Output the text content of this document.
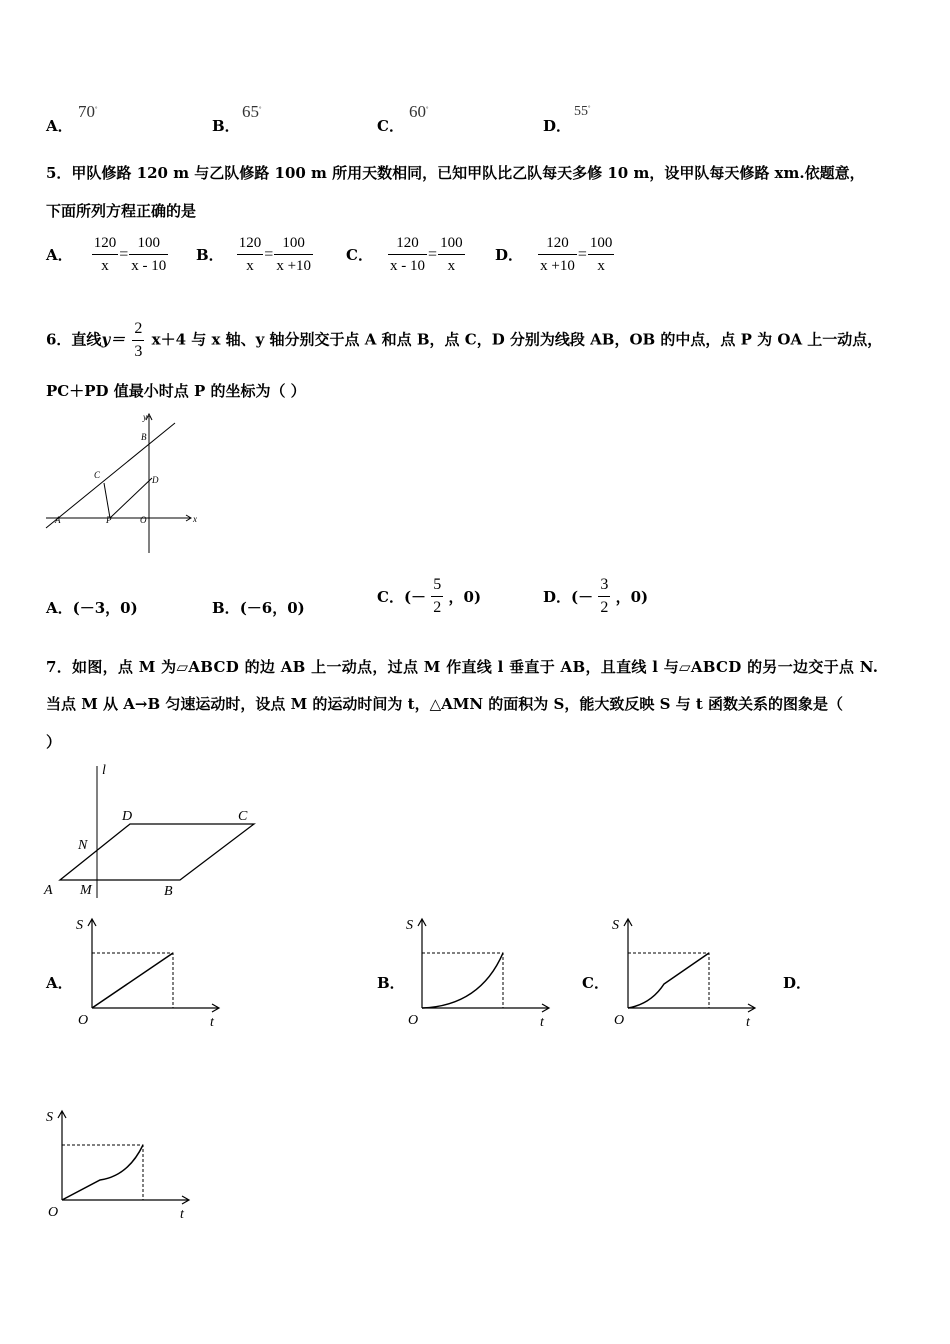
A．
70°
B．
65°
C．
60°
D．
55°
5．甲队修路 120 m 与乙队修路 100 m 所用天数相同，已知甲队比乙队每天多修 10 m，设甲队每天修路 xm.依题意，
下面所列方程正确的是
A． $\frac{120}{x} = \frac{100}{x - 10}$ B． $\frac{120}{x} = \frac{100}{x +10}$ C． $\frac{120}{x - 10} = \frac{100}{x}$ D． $\frac{120}{x +10} = \frac{100}{x}$
6．直线$y= \frac{2}{3} x+4$ 与 x 轴、y 轴分别交于点 A 和点 B，点 C，D 分别为线段 AB，OB 的中点，点 P 为 OA 上一动点，
PC＋PD 值最小时点 P 的坐标为（ ）
y
x
B
C	D
A	P	O
A．(－3，0)	B．(－6，0)
C．(－ $\frac{5}{2}$ ，0)	D．(－ $\frac{3}{2}$ ，0)
7．如图，点 M 为▱ABCD 的边 AB 上一动点，过点 M 作直线 l 垂直于 AB，且直线 l 与▱ABCD 的另一边交于点 N.
当点 M 从 A→B 匀速运动时，设点 M 的运动时间为 t，△AMN 的面积为 S，能大致反映 S 与 t 函数关系的图象是（
）
l
D	C
N
A M	B
A．	B．	C．	D．
S
O	t
S
O	t
S
O	t
S
O	t
